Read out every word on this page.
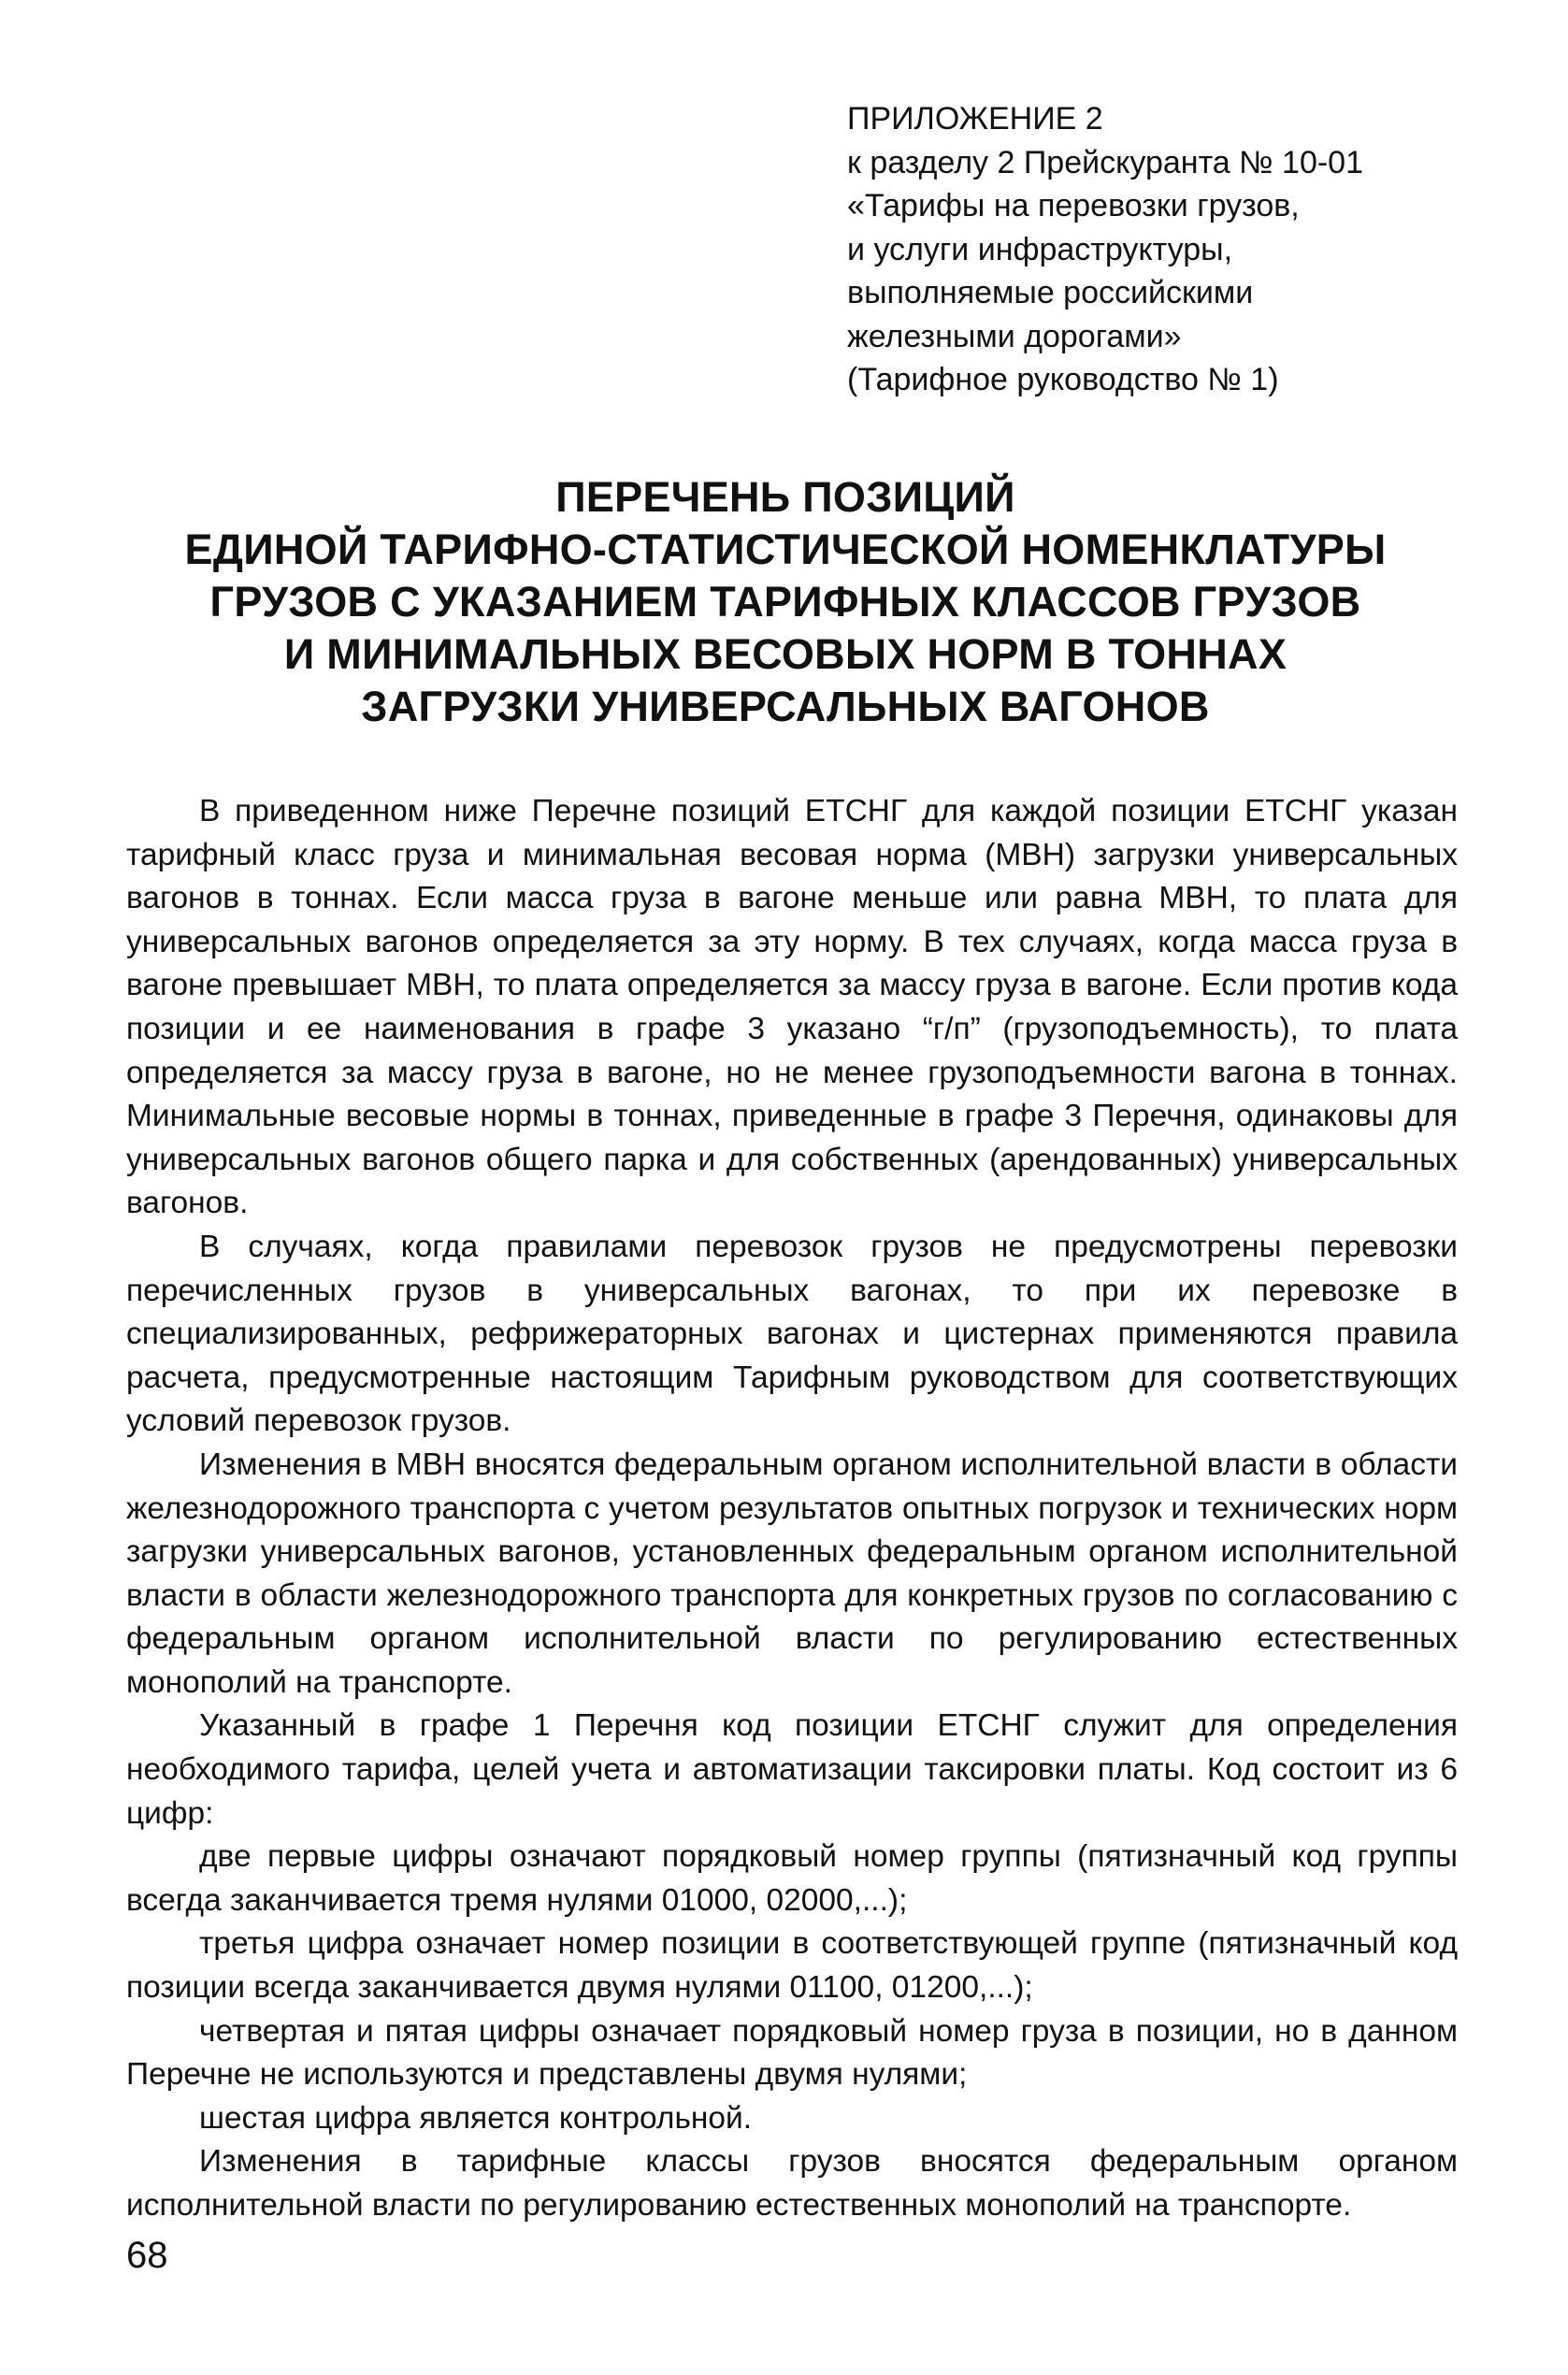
ПРИЛОЖЕНИЕ 2
к разделу 2 Прейскуранта № 10-01
«Тарифы на перевозки грузов,
и услуги инфраструктуры,
выполняемые российскими
железными дорогами»
(Тарифное руководство № 1)
ПЕРЕЧЕНЬ ПОЗИЦИЙ
ЕДИНОЙ ТАРИФНО-СТАТИСТИЧЕСКОЙ НОМЕНКЛАТУРЫ
ГРУЗОВ С УКАЗАНИЕМ ТАРИФНЫХ КЛАССОВ ГРУЗОВ
И МИНИМАЛЬНЫХ ВЕСОВЫХ НОРМ В ТОННАХ
ЗАГРУЗКИ УНИВЕРСАЛЬНЫХ ВАГОНОВ

В приведенном ниже Перечне позиций ЕТСНГ для каждой позиции ЕТСНГ указан тарифный класс груза и минимальная весовая норма (МВН) загрузки универсальных вагонов в тоннах. Если масса груза в вагоне меньше или равна МВН, то плата для универсальных вагонов определяется за эту норму. В тех случаях, когда масса груза в вагоне превышает МВН, то плата определяется за массу груза в вагоне. Если против кода позиции и ее наименования в графе 3 указано “г/п” (грузоподъемность), то плата определяется за массу груза в вагоне, но не менее грузоподъемности вагона в тоннах. Минимальные весовые нормы в тоннах, приведенные в графе 3 Перечня, одинаковы для универсальных вагонов общего парка и для собственных (арендованных) универсальных вагонов.

В случаях, когда правилами перевозок грузов не предусмотрены перевозки перечисленных грузов в универсальных вагонах, то при их перевозке в специализированных, рефрижераторных вагонах и цистернах применяются правила расчета, предусмотренные настоящим Тарифным руководством для соответствующих условий перевозок грузов.

Изменения в МВН вносятся федеральным органом исполнительной власти в области железнодорожного транспорта с учетом результатов опытных погрузок и технических норм загрузки универсальных вагонов, установленных федеральным органом исполнительной власти в области железнодорожного транспорта для конкретных грузов по согласованию с федеральным органом исполнительной власти по регулированию естественных монополий на транспорте.

Указанный в графе 1 Перечня код позиции ЕТСНГ служит для определения необходимого тарифа, целей учета и автоматизации таксировки платы. Код состоит из 6 цифр:

две первые цифры означают порядковый номер группы (пятизначный код группы всегда заканчивается тремя нулями 01000, 02000,...);

третья цифра означает номер позиции в соответствующей группе (пятизначный код позиции всегда заканчивается двумя нулями 01100, 01200,...);

четвертая и пятая цифры означает порядковый номер груза в позиции, но в данном Перечне не используются и представлены двумя нулями;

шестая цифра является контрольной.

Изменения в тарифные классы грузов вносятся федеральным органом исполнительной власти по регулированию естественных монополий на транспорте.

68
